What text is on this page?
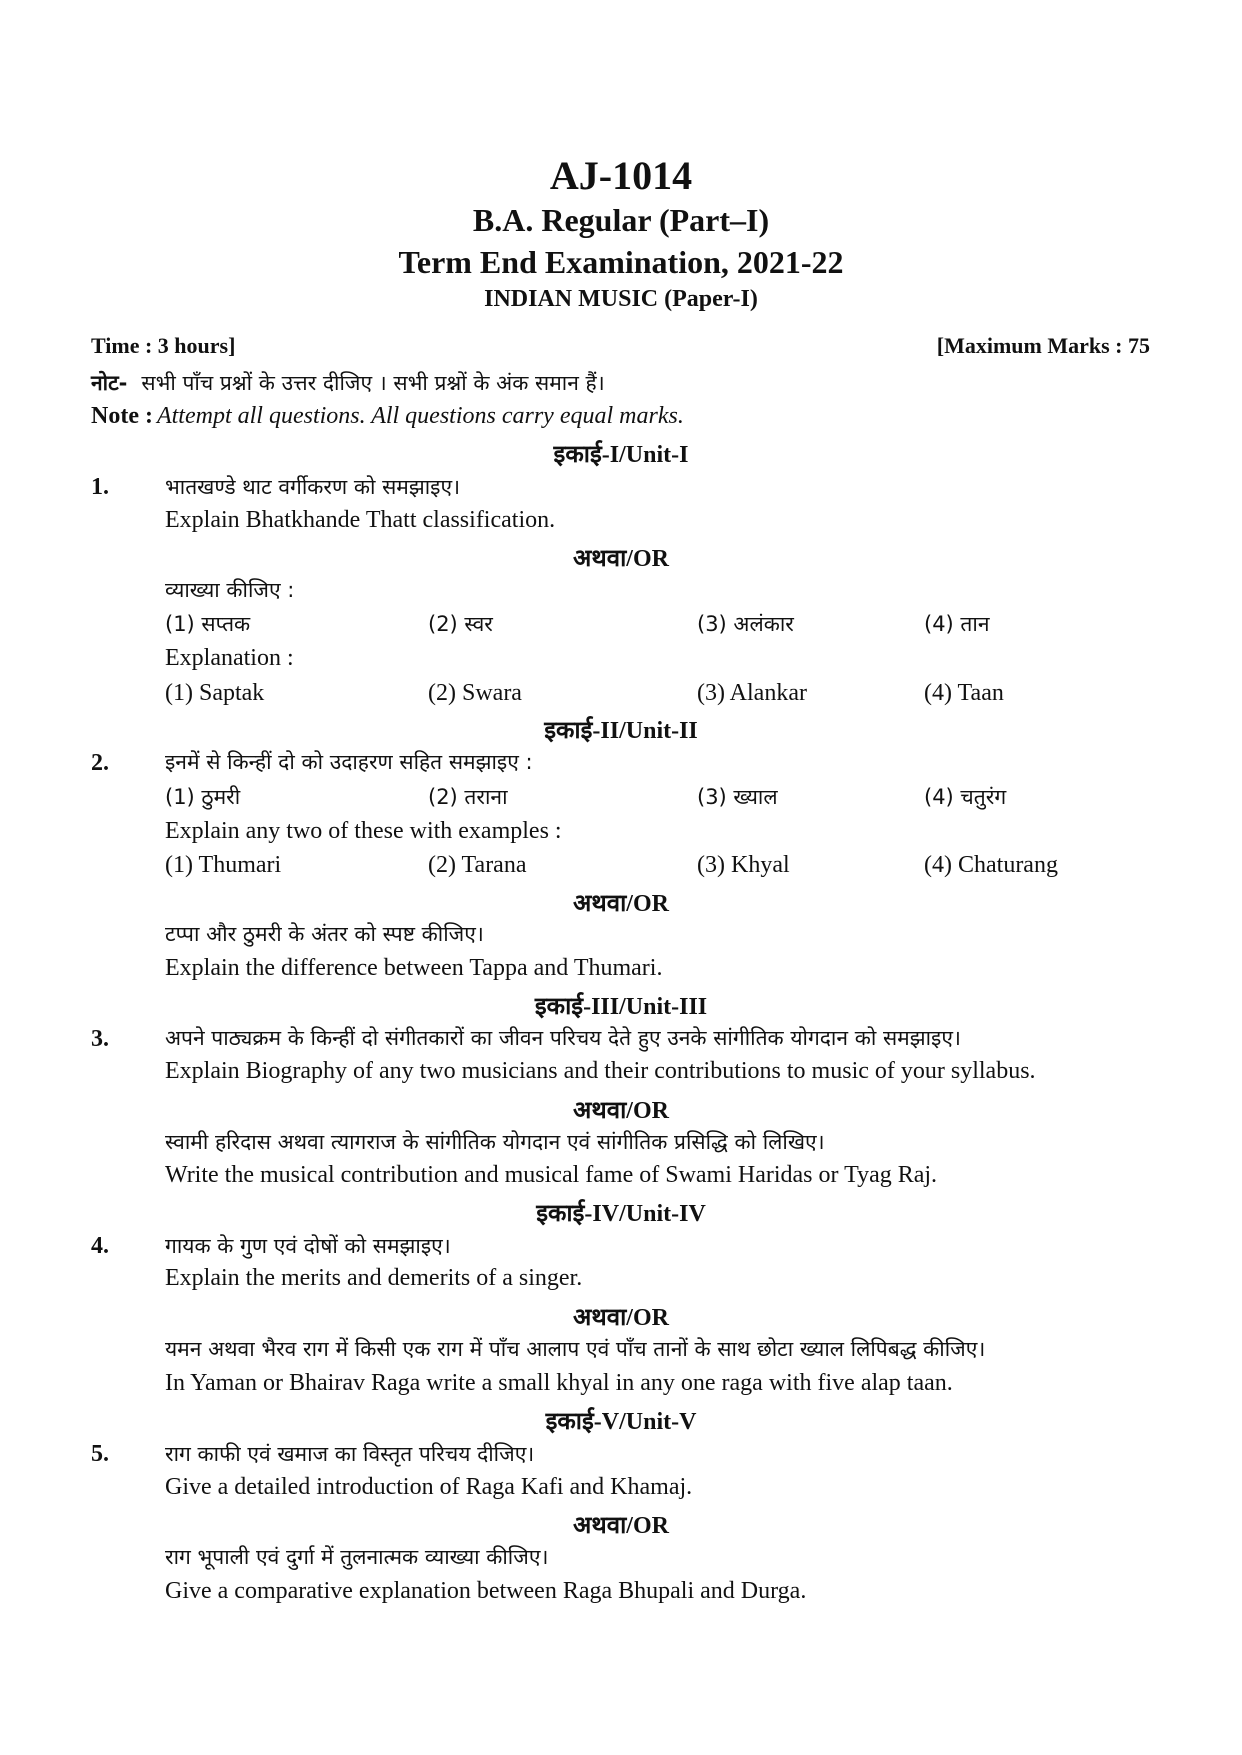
AJ-1014
B.A. Regular (Part–I)
Term End Examination, 2021-22
INDIAN MUSIC (Paper-I)
Time : 3 hours]	[Maximum Marks : 75
नोट- सभी पाँच प्रश्नों के उत्तर दीजिए । सभी प्रश्नों के अंक समान हैं।
Note : Attempt all questions. All questions carry equal marks.
इकाई-I/Unit-I
1.	भातखण्डे थाट वर्गीकरण को समझाइए।
Explain Bhatkhande Thatt classification.
अथवा/OR
व्याख्या कीजिए :
(1) सप्तक	(2) स्वर	(3) अलंकार	(4) तान
Explanation :
(1) Saptak	(2) Swara	(3) Alankar	(4) Taan
इकाई-II/Unit-II
2.	इनमें से किन्हीं दो को उदाहरण सहित समझाइए :
(1) ठुमरी	(2) तराना	(3) ख्याल	(4) चतुरंग
Explain any two of these with examples :
(1) Thumari	(2) Tarana	(3) Khyal	(4) Chaturang
अथवा/OR
टप्पा और ठुमरी के अंतर को स्पष्ट कीजिए।
Explain the difference between Tappa and Thumari.
इकाई-III/Unit-III
3.	अपने पाठ्यक्रम के किन्हीं दो संगीतकारों का जीवन परिचय देते हुए उनके सांगीतिक योगदान को समझाइए।
Explain Biography of any two musicians and their contributions to music of your syllabus.
अथवा/OR
स्वामी हरिदास अथवा त्यागराज के सांगीतिक योगदान एवं सांगीतिक प्रसिद्धि को लिखिए।
Write the musical contribution and musical fame of Swami Haridas or Tyag Raj.
इकाई-IV/Unit-IV
4.	गायक के गुण एवं दोषों को समझाइए।
Explain the merits and demerits of a singer.
अथवा/OR
यमन अथवा भैरव राग में किसी एक राग में पाँच आलाप एवं पाँच तानों के साथ छोटा ख्याल लिपिबद्ध कीजिए।
In Yaman or Bhairav Raga write a small khyal in any one raga with five alap taan.
इकाई-V/Unit-V
5.	राग काफी एवं खमाज का विस्तृत परिचय दीजिए।
Give a detailed introduction of Raga Kafi and Khamaj.
अथवा/OR
राग भूपाली एवं दुर्गा में तुलनात्मक व्याख्या कीजिए।
Give a comparative explanation between Raga Bhupali and Durga.
